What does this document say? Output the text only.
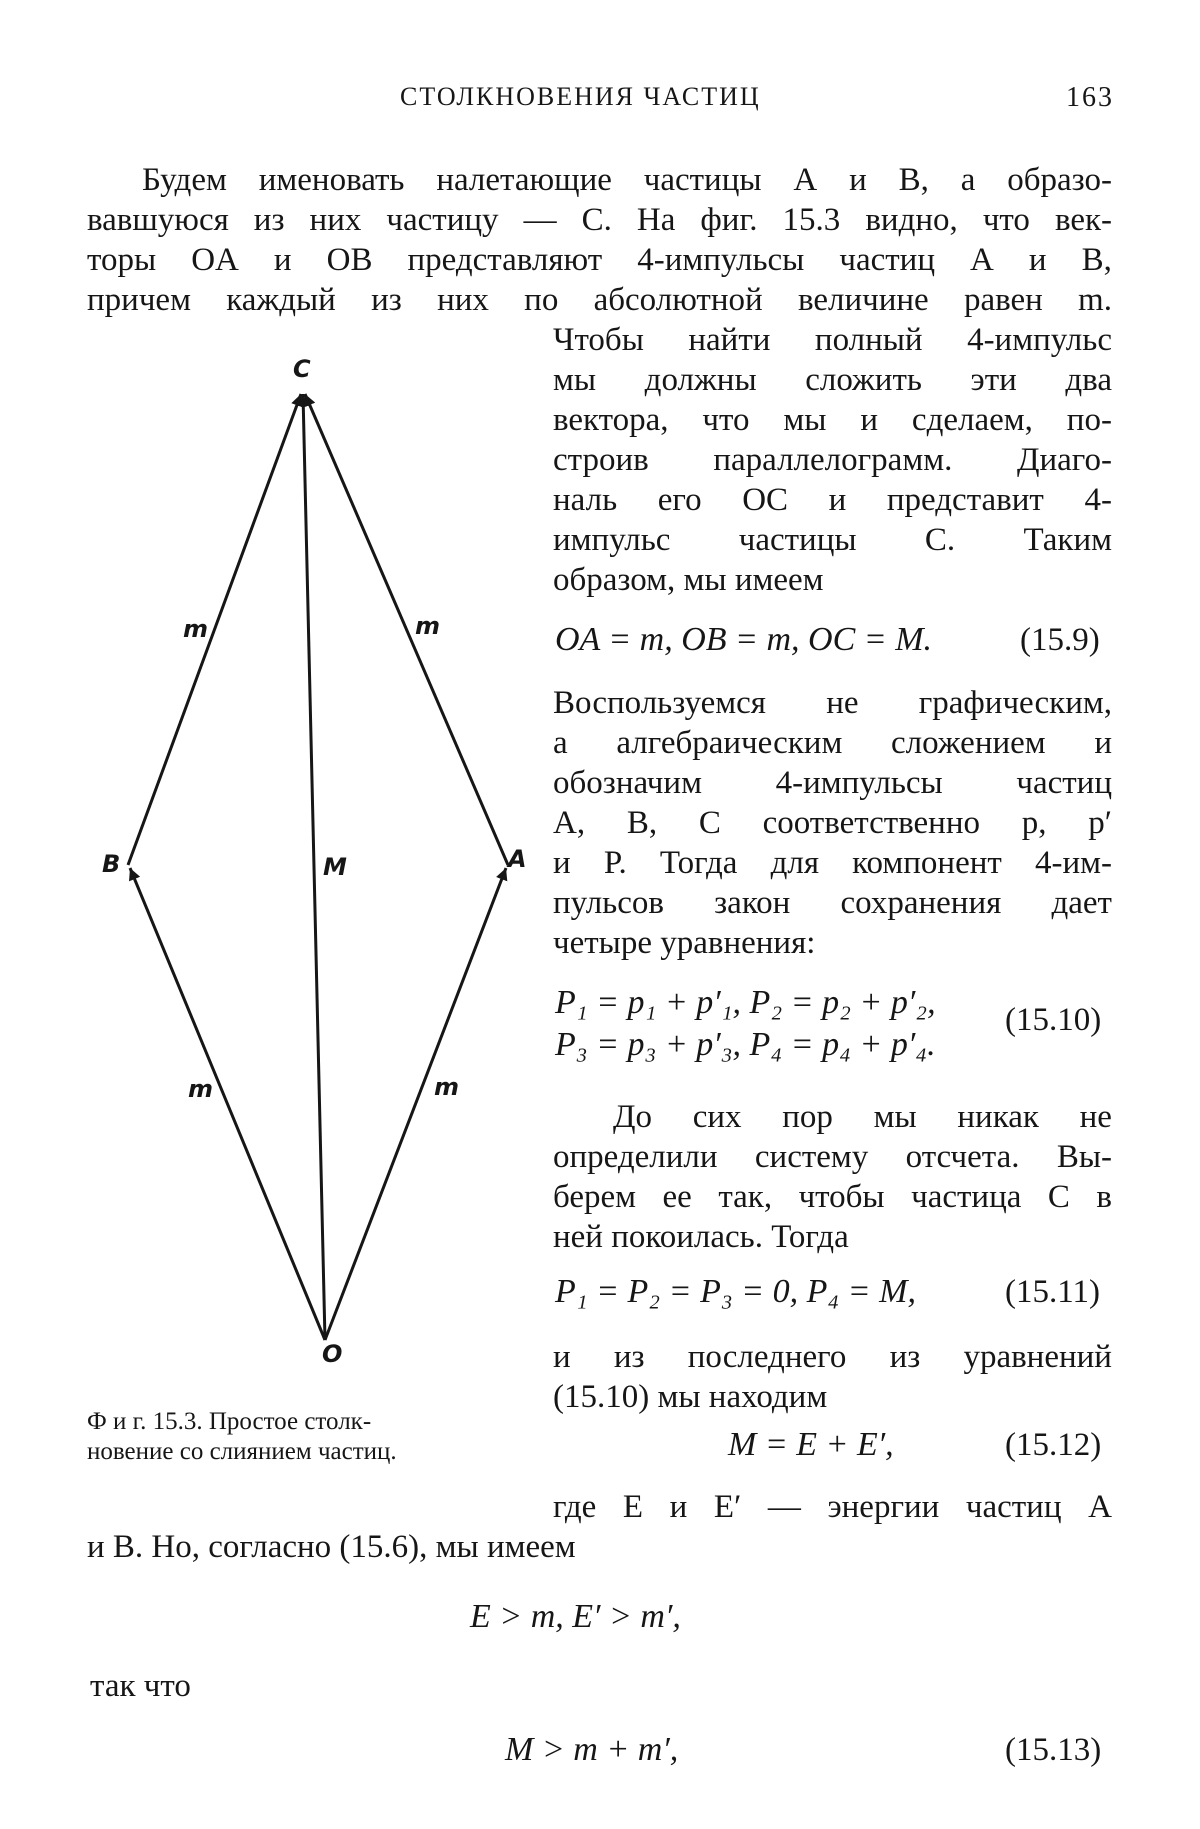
СТОЛКНОВЕНИЯ ЧАСТИЦ	163
Будем именовать налетающие частицы A и B, а образо-
вавшуюся из них частицу — C. На фиг. 15.3 видно, что век-
торы OA и OB представляют 4-импульсы частиц A и B,
причем каждый из них по абсолютной величине равен m.
C
B	A
O
M
m	m
m	m
Ф и г. 15.3. Простое столк-
новение со слиянием частиц.
Чтобы найти полный 4-импульс
мы должны сложить эти два
вектора, что мы и сделаем, по-
строив параллелограмм. Диаго-
наль его OC и представит 4-
импульс частицы C. Таким
образом, мы имеем
OA = m, OB = m, OC = M.	(15.9)
Воспользуемся не графическим,
а алгебраическим сложением и
обозначим 4-импульсы частиц
A, B, C соответственно p, p′
и P. Тогда для компонент 4-им-
пульсов закон сохранения дает
четыре уравнения:
P₁ = p₁ + p′₁, P₂ = p₂ + p′₂,
P₃ = p₃ + p′₃, P₄ = p₄ + p′₄.
(15.10)
До сих пор мы никак не
определили систему отсчета. Вы-
берем ее так, чтобы частица C в
ней покоилась. Тогда
P₁ = P₂ = P₃ = 0, P₄ = M,	(15.11)
и из последнего из уравнений
(15.10) мы находим
M = E + E′,	(15.12)
где E и E′ — энергии частиц A
и B. Но, согласно (15.6), мы имеем
E > m, E′ > m′,
так что
M > m + m′,	(15.13)
